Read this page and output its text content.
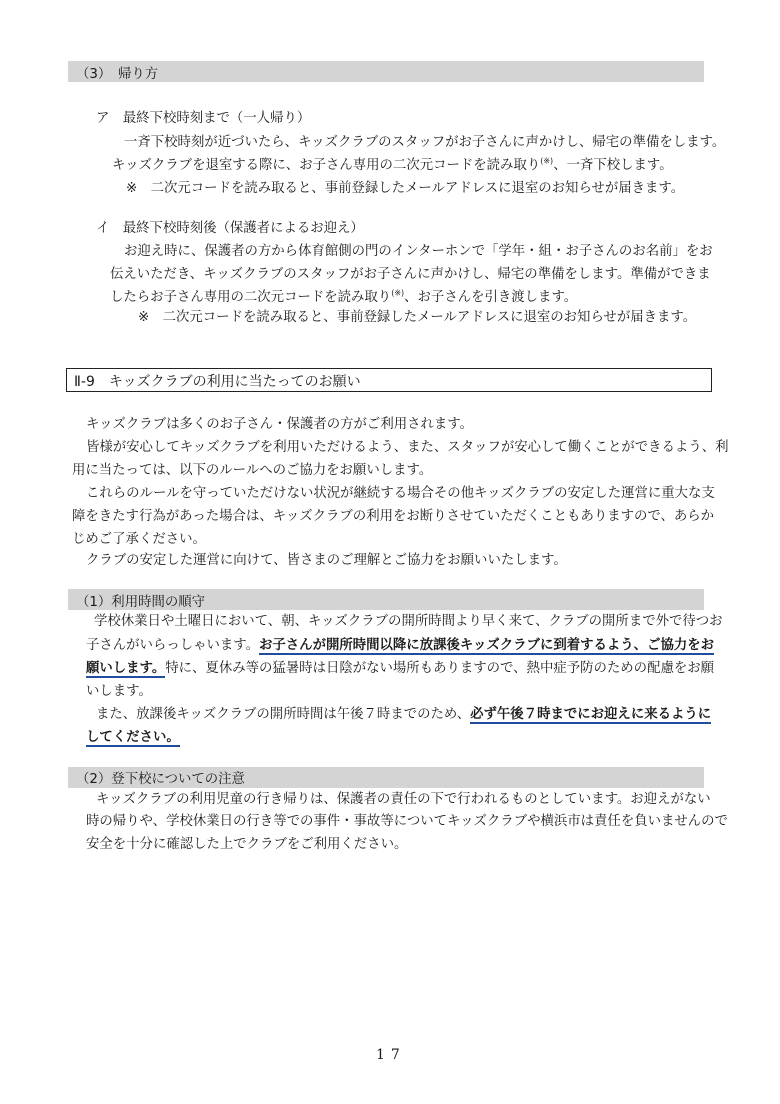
（3）　帰り方
ア　最終下校時刻まで（一人帰り）
一斉下校時刻が近づいたら、キッズクラブのスタッフがお子さんに声かけし、帰宅の準備をします。
キッズクラブを退室する際に、お子さん専用の二次元コードを読み取り(※)、一斉下校します。
※　二次元コードを読み取ると、事前登録したメールアドレスに退室のお知らせが届きます。
イ　最終下校時刻後（保護者によるお迎え）
お迎え時に、保護者の方から体育館側の門のインターホンで「学年・組・お子さんのお名前」をお
伝えいただき、キッズクラブのスタッフがお子さんに声かけし、帰宅の準備をします。準備ができま
したらお子さん専用の二次元コードを読み取り(※)、お子さんを引き渡します。
※　二次元コードを読み取ると、事前登録したメールアドレスに退室のお知らせが届きます。
Ⅱ-9　キッズクラブの利用に当たってのお願い
キッズクラブは多くのお子さん・保護者の方がご利用されます。
皆様が安心してキッズクラブを利用いただけるよう、また、スタッフが安心して働くことができるよう、利
用に当たっては、以下のルールへのご協力をお願いします。
これらのルールを守っていただけない状況が継続する場合その他キッズクラブの安定した運営に重大な支
障をきたす行為があった場合は、キッズクラブの利用をお断りさせていただくこともありますので、あらか
じめご了承ください。
クラブの安定した運営に向けて、皆さまのご理解とご協力をお願いいたします。
（1）利用時間の順守
学校休業日や土曜日において、朝、キッズクラブの開所時間より早く来て、クラブの開所まで外で待つお
子さんがいらっしゃいます。お子さんが開所時間以降に放課後キッズクラブに到着するよう、ご協力をお
願いします。特に、夏休み等の猛暑時は日陰がない場所もありますので、熱中症予防のための配慮をお願
いします。
また、放課後キッズクラブの開所時間は午後７時までのため、必ず午後７時までにお迎えに来るように
してください。
（2）登下校についての注意
キッズクラブの利用児童の行き帰りは、保護者の責任の下で行われるものとしています。お迎えがない
時の帰りや、学校休業日の行き等での事件・事故等についてキッズクラブや横浜市は責任を負いませんので
安全を十分に確認した上でクラブをご利用ください。
17
